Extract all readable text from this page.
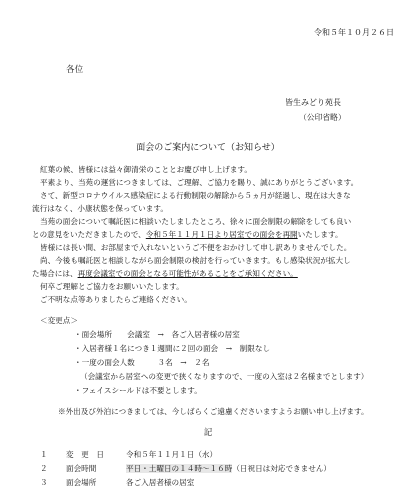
令和５年１０月２６日
各位
皆生みどり苑長
（公印省略）
面会のご案内について（お知らせ）
紅葉の候、皆様には益々御清栄のこととお慶び申し上げます。
平素より、当苑の運営につきましては、ご理解、ご協力を賜り、誠にありがとうございます。
さて、新型コロナウイルス感染症による行動制限の解除から５ヵ月が経過し、現在は大きな
流行はなく、小康状態を保っています。
当苑の面会について嘱託医に相談いたしましたところ、徐々に面会制限の解除をしても良い
との意見をいただきましたので、令和５年１１月１日より居室での面会を再開いたします。
皆様には長い間、お部屋まで入れないというご不便をおかけして申し訳ありませんでした。
尚、今後も嘱託医と相談しながら面会制限の検討を行っていきます。もし感染状況が拡大し
た場合には、再度会議室での面会となる可能性があることをご承知ください。
何卒ご理解とご協力をお願いいたします。
ご不明な点等ありましたらご連絡ください。
＜変更点＞
・面会場所　　会議室　→　各ご入居者様の居室
・入居者様１名につき１週間に２回の面会　→　制限なし
・一度の面会人数　　　３名　→　２名
（会議室から居室への変更で狭くなりますので、一度の入室は２名様までとします）
・フェイスシールドは不要とします。
※外出及び外泊につきましては、今しばらくご遠慮くださいますようお願い申し上げます。
記
１ 変　更　日	令和５年１１月１日（水）
２ 面会時間	平日・土曜日の１４時〜１６時（日祝日は対応できません）
３ 面会場所	各ご入居者様の居室
